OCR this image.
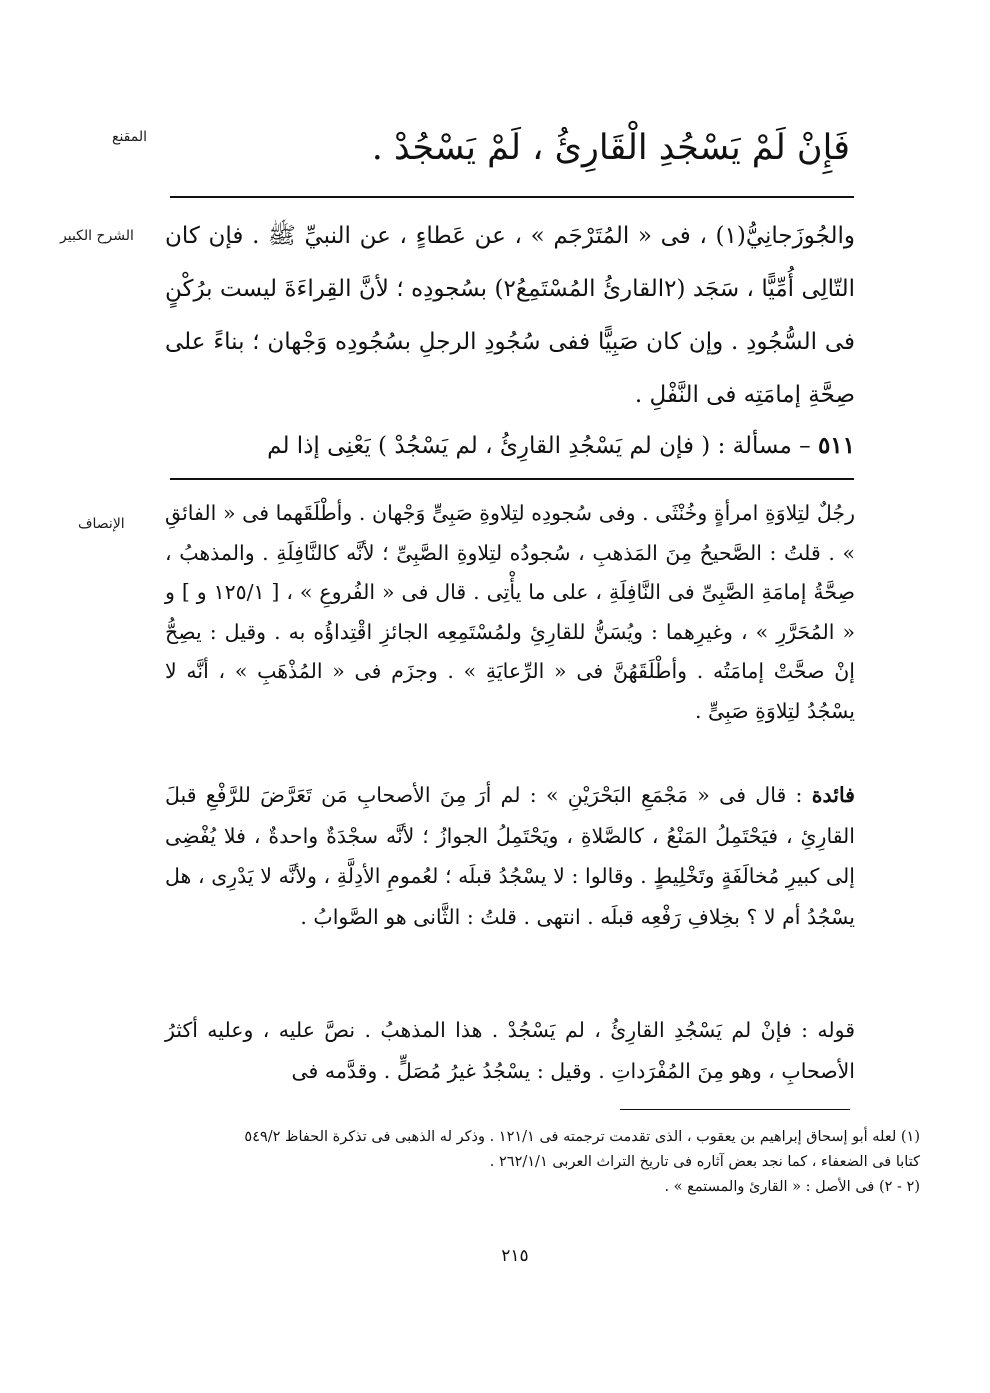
المقنع	فَإِنْ لَمْ يَسْجُدِ الْقَارِئُ ، لَمْ يَسْجُدْ .
الشرح الكبير	والجُوزَجانِيُّ(١) ، فى « المُتَرْجَم » ، عن عَطاءٍ ، عن النبيِّ ﷺ . فإن كان التّالِى أُمِّيًّا ، سَجَد (٢القارئُ المُسْتَمِعُ٢) بسُجودِه ؛ لأنَّ القِراءَةَ ليست برُكْنٍ فى السُّجُودِ . وإن كان صَبِيًّا ففى سُجُودِ الرجلِ بسُجُودِه وَجْهان ؛ بناءً على صِحَّةِ إمامَتِه فى النَّفْلِ .
٥١١ – مسألة : ( فإن لم يَسْجُدِ القارِئُ ، لم يَسْجُدْ ) يَعْنِى إذا لم
الإنصاف	رجُلٌ لتِلاوَةِ امرأةٍ وخُنْثَى . وفى سُجودِه لتِلاوةِ صَبِىٍّ وَجْهان . وأطْلَقَهما فى « الفائقِ » . قلتُ : الصَّحيحُ مِنَ المَذهبِ ، سُجودُه لتِلاوةِ الصَّبِىِّ ؛ لأنَّه كالنَّافِلَةِ . والمذهبُ ، صِحَّةُ إمامَةِ الصَّبِىِّ فى النَّافِلَةِ ، على ما يأْتِى . قال فى « الفُروعِ » ، [ ١٢٥/١ و ] و « المُحَرَّرِ » ، وغيرِهما : ويُسَنُّ للقارِئِ ولمُسْتَمِعِه الجائزِ اقْتِداؤُه به . وقيل : يصِحُّ إنْ صحَّتْ إمامَتُه . وأطْلَقَهُنَّ فى « الرِّعايَةِ » . وجزَم فى « المُذْهَبِ » ، أنَّه لا يسْجُدُ لتِلاوَةِ صَبِىٍّ .
فائدة : قال فى « مَجْمَعِ البَحْرَيْنِ » : لم أرَ مِنَ الأصحابِ مَن تَعَرَّضَ للرَّفْعِ قبلَ القارِئِ ، فيَحْتَمِلُ المَنْعُ ، كالصَّلاةِ ، ويَحْتَمِلُ الجوازُ ؛ لأنَّه سجْدَةٌ واحدةٌ ، فلا يُفْضِى إلى كبيرِ مُخالَفَةٍ وتَخْلِيطٍ . وقالوا : لا يسْجُدُ قبلَه ؛ لعُمومِ الأدِلَّةِ ، ولأنَّه لا يَدْرِى ، هل يسْجُدُ أم لا ؟ بخِلافِ رَفْعِه قبلَه . انتهى . قلتُ : الثَّانى هو الصَّوابُ .
قوله : فإنْ لم يَسْجُدِ القارِئُ ، لم يَسْجُدْ . هذا المذهبُ . نصَّ عليه ، وعليه أكثرُ الأصحابِ ، وهو مِنَ المُفْرَداتِ . وقيل : يسْجُدُ غيرُ مُصَلٍّ . وقدَّمه فى

(١) لعله أبو إسحاق إبراهيم بن يعقوب ، الذى تقدمت ترجمته فى ١٢١/١ . وذكر له الذهبى فى تذكرة الحفاظ ٥٤٩/٢ كتابا فى الضعفاء ، كما نجد بعض آثاره فى تاريخ التراث العربى ٢٦٢/١/١ .

(٢ - ٢) فى الأصل : « القارئ والمستمع » .

٢١٥
